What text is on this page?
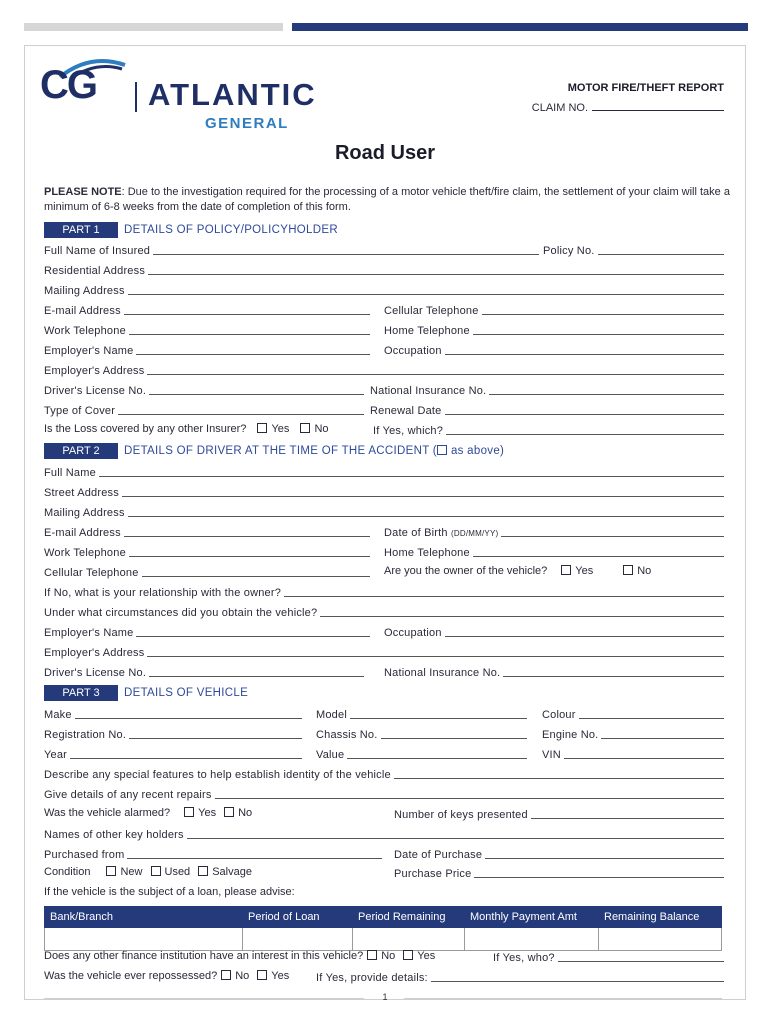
CG ATLANTIC
GENERAL
MOTOR FIRE/THEFT REPORT
CLAIM NO.
Road User
PLEASE NOTE: Due to the investigation required for the processing of a motor vehicle theft/fire claim, the settlement of your claim will take a minimum of 6-8 weeks from the date of completion of this form.
PART 1	DETAILS OF POLICY/POLICYHOLDER
Full Name of Insured	Policy No.
Residential Address
Mailing Address
E-mail Address	Cellular Telephone
Work Telephone	Home Telephone
Employer's Name	Occupation
Employer's Address
Driver's License No.	National Insurance No.
Type of Cover	Renewal Date
Is the Loss covered by any other Insurer? Yes No	If Yes, which?
PART 2	DETAILS OF DRIVER AT THE TIME OF THE ACCIDENT ( as above)
Full Name
Street Address
Mailing Address
E-mail Address	Date of Birth (DD/MM/YY)
Work Telephone	Home Telephone
Cellular Telephone	Are you the owner of the vehicle?	Yes	No
If No, what is your relationship with the owner?
Under what circumstances did you obtain the vehicle?
Employer's Name	Occupation
Employer's Address
Driver's License No.	National Insurance No.
PART 3	DETAILS OF VEHICLE
Make	Model	Colour
Registration No.	Chassis No.	Engine No.
Year	Value	VIN
Describe any special features to help establish identity of the vehicle
Give details of any recent repairs
Was the vehicle alarmed?	Yes No	Number of keys presented
Names of other key holders
Purchased from	Date of Purchase
Condition	New Used Salvage	Purchase Price
If the vehicle is the subject of a loan, please advise:
Bank/Branch	Period of Loan	Period Remaining	Monthly Payment Amt	Remaining Balance

Does any other finance institution have an interest in this vehicle? No Yes	If Yes, who?
Was the vehicle ever repossessed? No Yes If Yes, provide details:
1
